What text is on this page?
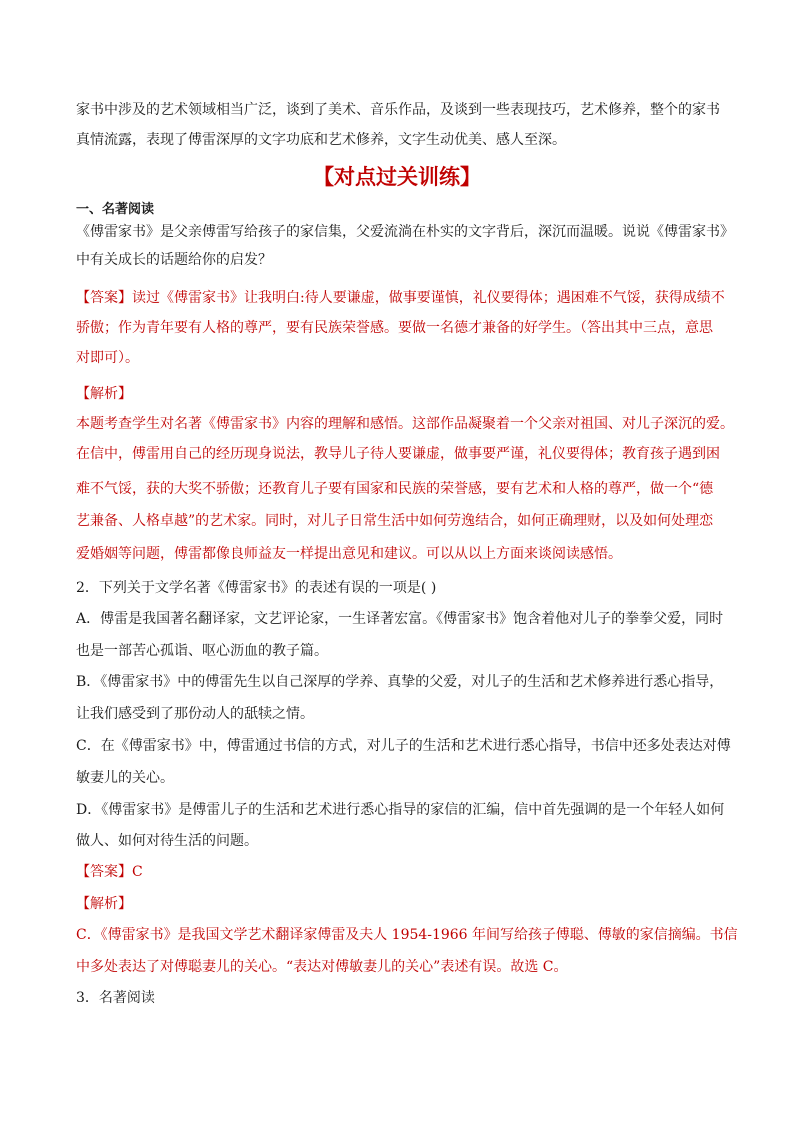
家书中涉及的艺术领域相当广泛，谈到了美术、音乐作品，及谈到一些表现技巧，艺术修养，整个的家书
真情流露，表现了傅雷深厚的文字功底和艺术修养，文字生动优美、感人至深。
【对点过关训练】
一、名著阅读
《傅雷家书》是父亲傅雷写给孩子的家信集，父爱流淌在朴实的文字背后，深沉而温暖。说说《傅雷家书》
中有关成长的话题给你的启发？
【答案】读过《傅雷家书》让我明白:待人要谦虚，做事要谨慎，礼仪要得体；遇困难不气馁，获得成绩不
骄傲；作为青年要有人格的尊严，要有民族荣誉感。要做一名德才兼备的好学生。（答出其中三点，意思
对即可）。
【解析】
本题考查学生对名著《傅雷家书》内容的理解和感悟。这部作品凝聚着一个父亲对祖国、对儿子深沉的爱。
在信中，傅雷用自己的经历现身说法，教导儿子待人要谦虚，做事要严谨，礼仪要得体；教育孩子遇到困
难不气馁，获的大奖不骄傲；还教育儿子要有国家和民族的荣誉感，要有艺术和人格的尊严，做一个“德
艺兼备、人格卓越”的艺术家。同时，对儿子日常生活中如何劳逸结合，如何正确理财，以及如何处理恋
爱婚姻等问题，傅雷都像良师益友一样提出意见和建议。可以从以上方面来谈阅读感悟。
2．下列关于文学名著《傅雷家书》的表述有误的一项是( )
A．傅雷是我国著名翻译家，文艺评论家，一生译著宏富。《傅雷家书》饱含着他对儿子的拳拳父爱，同时
也是一部苦心孤诣、呕心沥血的教子篇。
B．《傅雷家书》中的傅雷先生以自己深厚的学养、真挚的父爱，对儿子的生活和艺术修养进行悉心指导，
让我们感受到了那份动人的舐犊之情。
C．在《傅雷家书》中，傅雷通过书信的方式，对儿子的生活和艺术进行悉心指导，书信中还多处表达对傅
敏妻儿的关心。
D．《傅雷家书》是傅雷儿子的生活和艺术进行悉心指导的家信的汇编，信中首先强调的是一个年轻人如何
做人、如何对待生活的问题。
【答案】C
【解析】
C．《傅雷家书》是我国文学艺术翻译家傅雷及夫人 1954-1966 年间写给孩子傅聪、傅敏的家信摘编。书信
中多处表达了对傅聪妻儿的关心。“表达对傅敏妻儿的关心”表述有误。故选 C。
3．名著阅读
